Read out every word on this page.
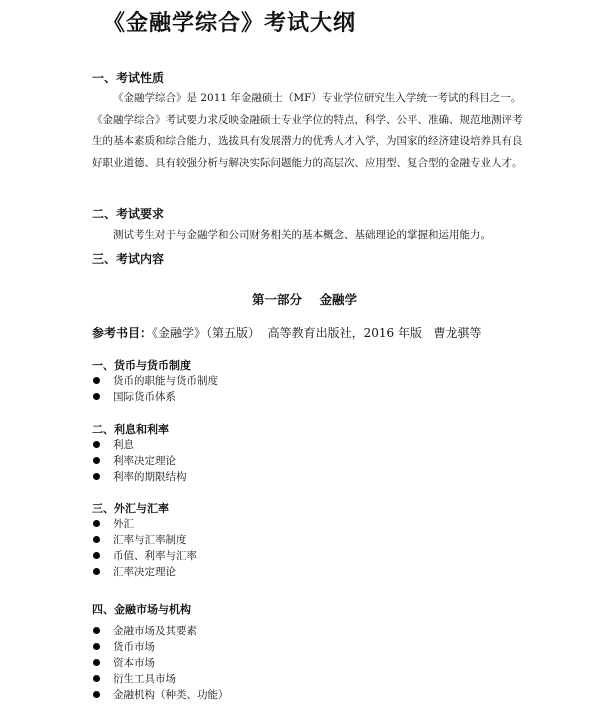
《金融学综合》考试大纲
一、考试性质
《金融学综合》是 2011 年金融硕士（MF）专业学位研究生入学统一考试的科目之一。《金融学综合》考试要力求反映金融硕士专业学位的特点，科学、公平、准确、规范地测评考生的基本素质和综合能力，选拔具有发展潜力的优秀人才入学，为国家的经济建设培养具有良好职业道德、具有较强分析与解决实际问题能力的高层次、应用型、复合型的金融专业人才。
二、考试要求
测试考生对于与金融学和公司财务相关的基本概念、基础理论的掌握和运用能力。
三、考试内容
第一部分    金融学
参考书目：《金融学》（第五版）  高等教育出版社，2016 年版   曹龙骐等
一、货币与货币制度
货币的职能与货币制度
国际货币体系
二、利息和利率
利息
利率决定理论
利率的期限结构
三、外汇与汇率
外汇
汇率与汇率制度
币值、利率与汇率
汇率决定理论
四、金融市场与机构
金融市场及其要素
货币市场
资本市场
衍生工具市场
金融机构（种类、功能）
